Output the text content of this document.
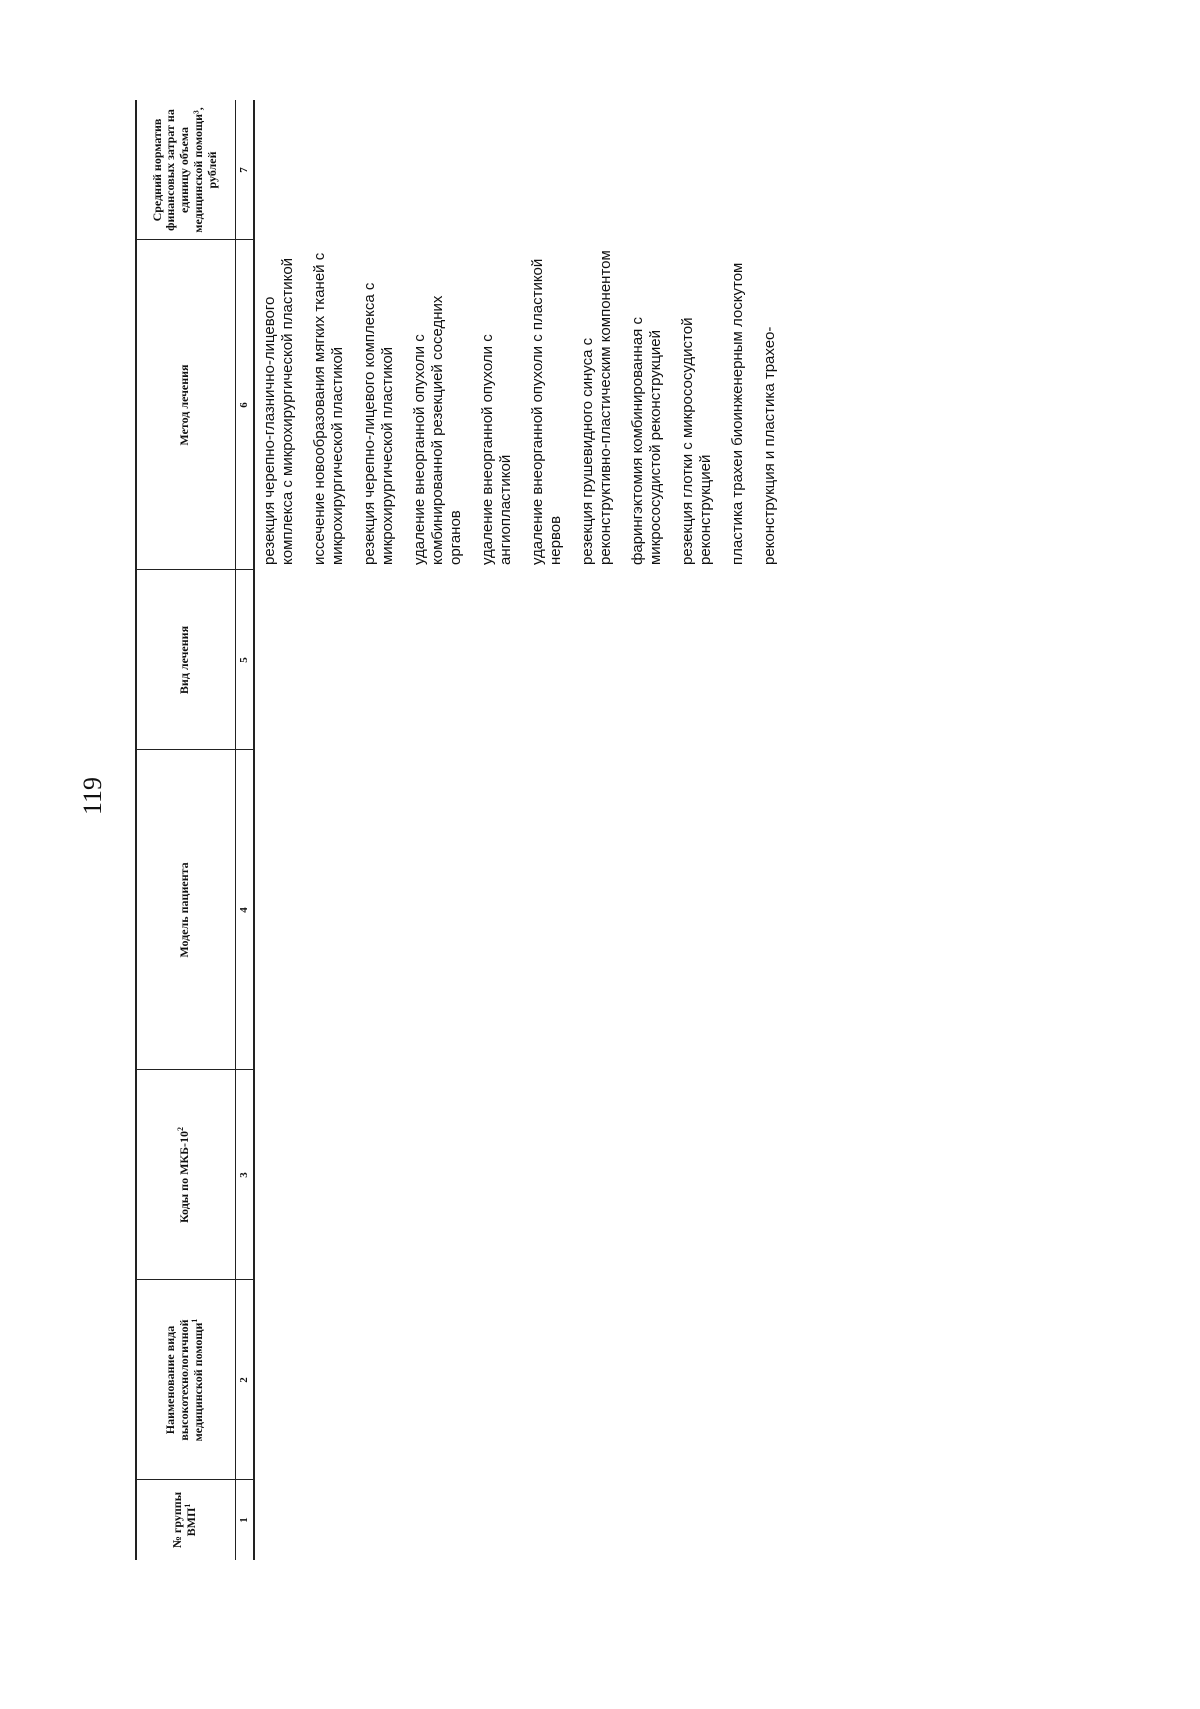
119
№ группы ВМП$^1$
Наименование вида высокотехнологичной медицинской помощи$^1$
Коды по МКБ-$10^2$
Модель пациента
Вид лечения
Метод лечения
Средний норматив финансовых затрат на единицу объема медицинской помощи³, рублей
1
2
3
4
5
6
7
резекция черепно-глазнично-лицевого комплекса с микрохирургической пластикой иссечение новообразования мягких тканей с микрохирургической пластикой резекция черепно-лицевого комплекса с микрохирургической пластикой удаление внеорганной опухоли с комбинированной резекцией соседних органов удаление внеорганной опухоли с ангиопластикой удаление внеорганной опухоли с пластикой нервов резекция грушевидного синуса с реконструктивно-пластическим компонентом фарингэктомия комбинированная с микрососудистой реконструкцией резекция глотки с микрососудистой реконструкцией пластика трахеи биоинженерным лоскутом реконструкция и пластика трахео-
